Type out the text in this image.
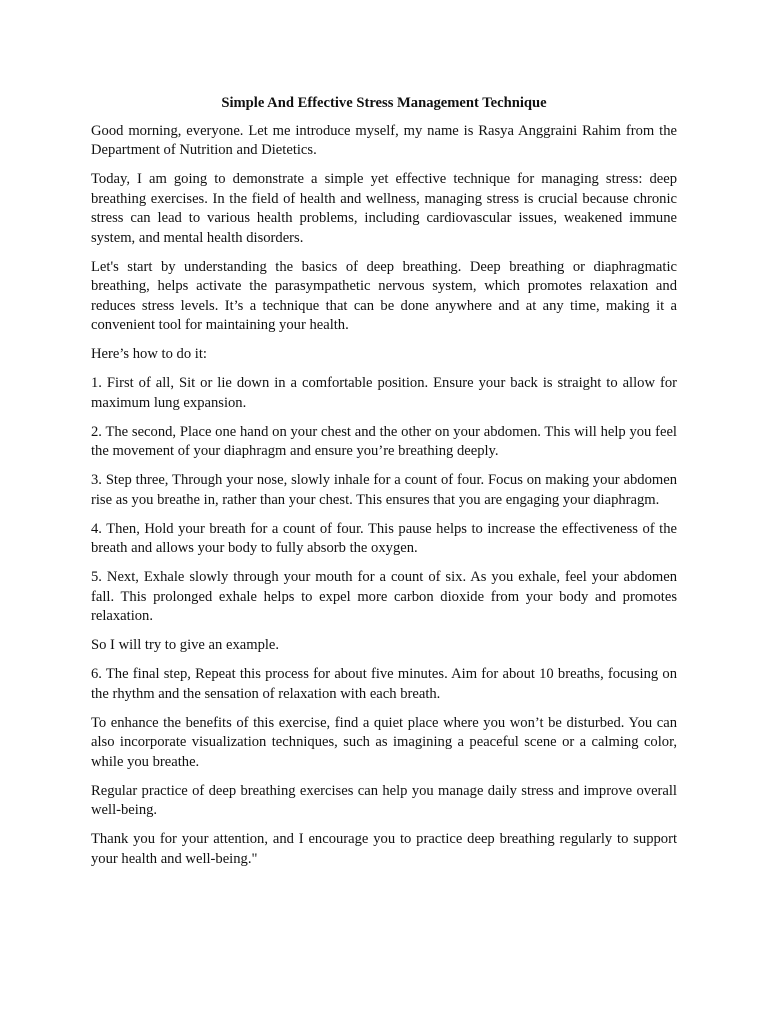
Simple And Effective Stress Management Technique

Good morning, everyone. Let me introduce myself, my name is Rasya Anggraini Rahim from the Department of Nutrition and Dietetics.

Today, I am going to demonstrate a simple yet effective technique for managing stress: deep breathing exercises. In the field of health and wellness, managing stress is crucial because chronic stress can lead to various health problems, including cardiovascular issues, weakened immune system, and mental health disorders.

Let's start by understanding the basics of deep breathing. Deep breathing or diaphragmatic breathing, helps activate the parasympathetic nervous system, which promotes relaxation and reduces stress levels. It’s a technique that can be done anywhere and at any time, making it a convenient tool for maintaining your health.

Here’s how to do it:

1. First of all, Sit or lie down in a comfortable position. Ensure your back is straight to allow for maximum lung expansion.

2. The second, Place one hand on your chest and the other on your abdomen. This will help you feel the movement of your diaphragm and ensure you’re breathing deeply.

3. Step three, Through your nose, slowly inhale for a count of four. Focus on making your abdomen rise as you breathe in, rather than your chest. This ensures that you are engaging your diaphragm.

4. Then, Hold your breath for a count of four. This pause helps to increase the effectiveness of the breath and allows your body to fully absorb the oxygen.

5. Next, Exhale slowly through your mouth for a count of six. As you exhale, feel your abdomen fall. This prolonged exhale helps to expel more carbon dioxide from your body and promotes relaxation.

So I will try to give an example.

6. The final step, Repeat this process for about five minutes. Aim for about 10 breaths, focusing on the rhythm and the sensation of relaxation with each breath.

To enhance the benefits of this exercise, find a quiet place where you won’t be disturbed. You can also incorporate visualization techniques, such as imagining a peaceful scene or a calming color, while you breathe.

Regular practice of deep breathing exercises can help you manage daily stress and improve overall well-being.

Thank you for your attention, and I encourage you to practice deep breathing regularly to support your health and well-being."
